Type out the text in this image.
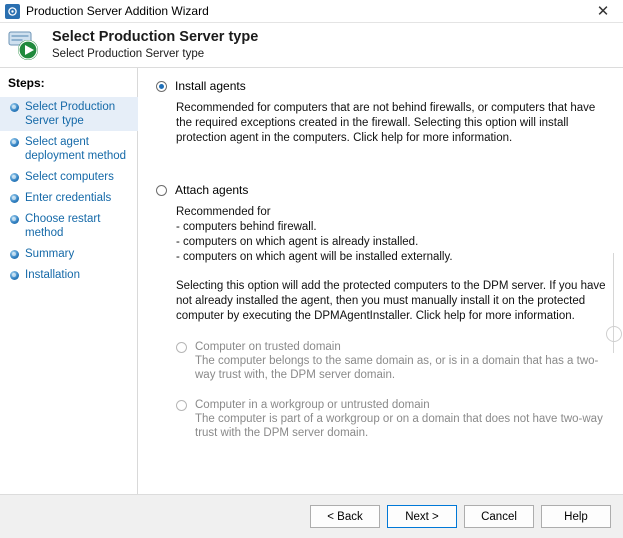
Production Server Addition Wizard	✕
Select Production Server type
Select Production Server type
Steps:
Select Production Server type
Select agent deployment method
Select computers
Enter credentials
Choose restart method
Summary
Installation
Install agents
Recommended for computers that are not behind firewalls, or computers that have the required exceptions created in the firewall. Selecting this option will install protection agent in the computers. Click help for more information.
Attach agents
Recommended for
- computers behind firewall.
- computers on which agent is already installed.
- computers on which agent will be installed externally.
Selecting this option will add the protected computers to the DPM server. If you have not already installed the agent, then you must manually install it on the protected computer by executing the DPMAgentInstaller. Click help for more information.
Computer on trusted domain
The computer belongs to the same domain as, or is in a domain that has a two-way trust with, the DPM server domain.
Computer in a workgroup or untrusted domain
The computer is part of a workgroup or on a domain that does not have two-way trust with the DPM server domain.
< Back	Next >	Cancel	Help
